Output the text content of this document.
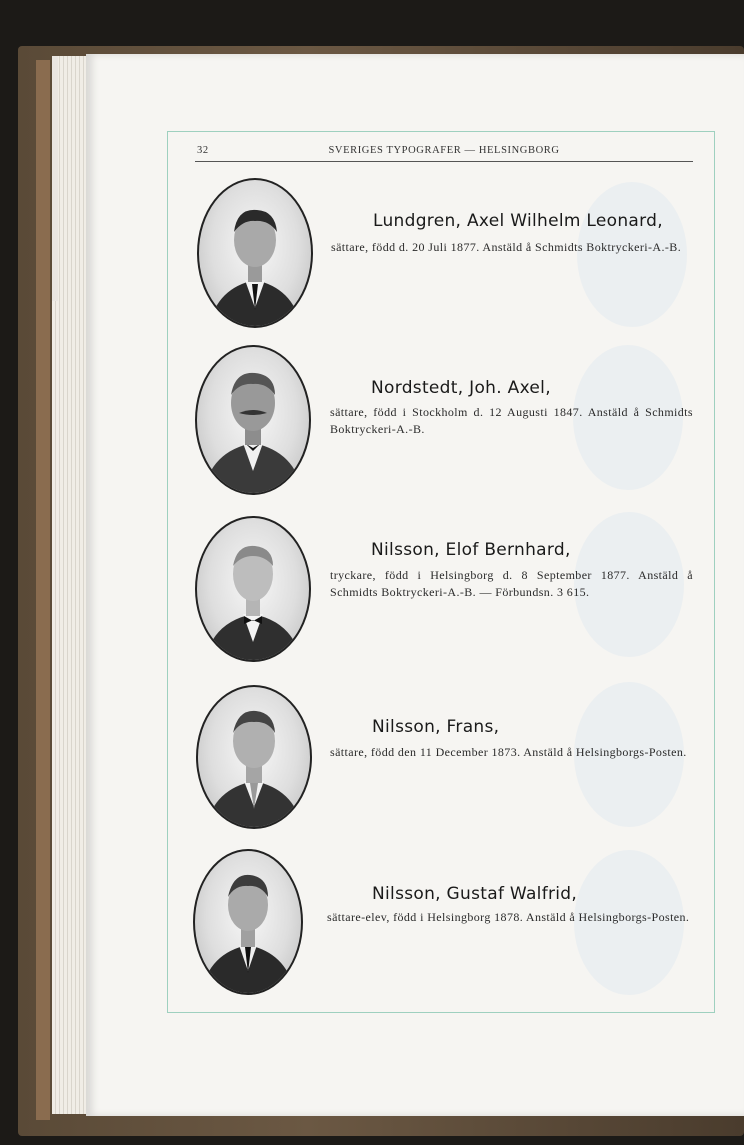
32	SVERIGES TYPOGRAFER — HELSINGBORG
Lundgren, Axel Wilhelm Leonard,
sättare, född d. 20 Juli 1877. Anstäld å Schmidts Boktryckeri-A.-B.
Nordstedt, Joh. Axel,
sättare, född i Stockholm d. 12 Augusti 1847. Anstäld å Schmidts Boktryckeri-A.-B.
Nilsson, Elof Bernhard,
tryckare, född i Helsingborg d. 8 September 1877. Anstäld å Schmidts Boktryckeri-A.-B. — Förbundsn. 3 615.
Nilsson, Frans,
sättare, född den 11 December 1873. Anstäld å Helsingborgs-Posten.
Nilsson, Gustaf Walfrid,
sättare-elev, född i Helsingborg 1878. Anstäld å Helsingborgs-Posten.
